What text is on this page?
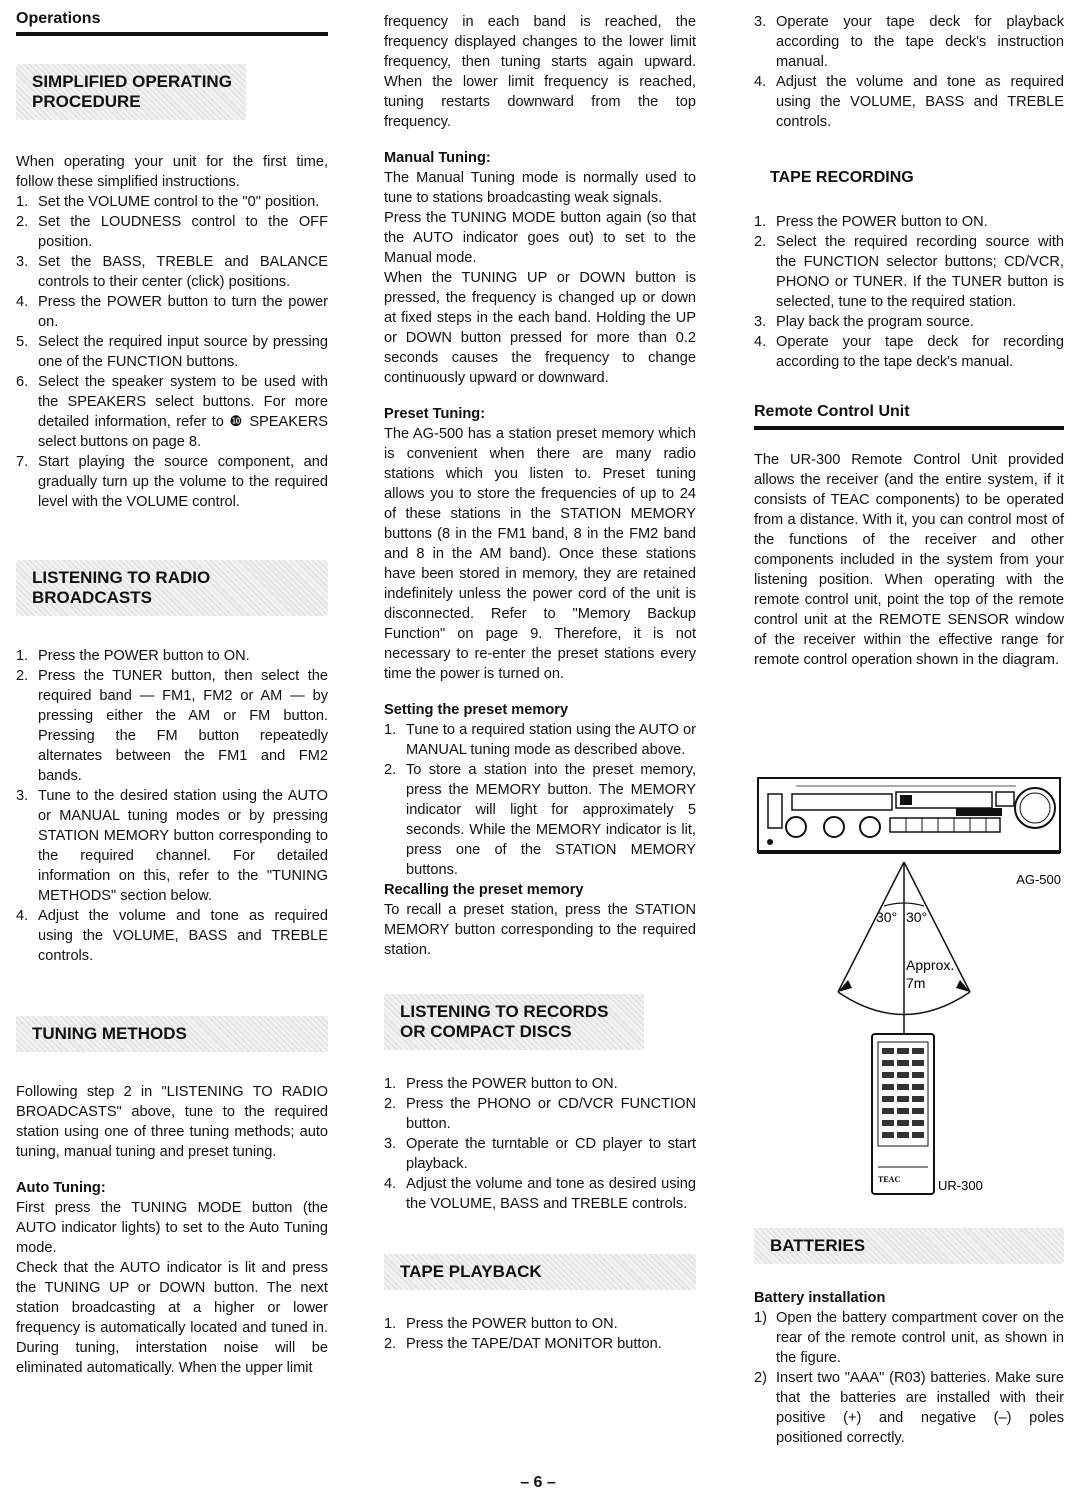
Operations
SIMPLIFIED OPERATING PROCEDURE

When operating your unit for the first time, follow these simplified instructions.

1. Set the VOLUME control to the "0" position.
2. Set the LOUDNESS control to the OFF position.
3. Set the BASS, TREBLE and BALANCE controls to their center (click) positions.
4. Press the POWER button to turn the power on.
5. Select the required input source by pressing one of the FUNCTION buttons.
6. Select the speaker system to be used with the SPEAKERS select buttons. For more detailed information, refer to ❿ SPEAKERS select buttons on page 8.
7. Start playing the source component, and gradually turn up the volume to the required level with the VOLUME control.
LISTENING TO RADIO BROADCASTS
1. Press the POWER button to ON.
2. Press the TUNER button, then select the required band — FM1, FM2 or AM — by pressing either the AM or FM button. Pressing the FM button repeatedly alternates between the FM1 and FM2 bands.
3. Tune to the desired station using the AUTO or MANUAL tuning modes or by pressing STATION MEMORY button corresponding to the required channel. For detailed information on this, refer to the "TUNING METHODS" section below.
4. Adjust the volume and tone as required using the VOLUME, BASS and TREBLE controls.
TUNING METHODS

Following step 2 in "LISTENING TO RADIO BROADCASTS" above, tune to the required station using one of three tuning methods; auto tuning, manual tuning and preset tuning.

Auto Tuning:

First press the TUNING MODE button (the AUTO indicator lights) to set to the Auto Tuning mode.

Check that the AUTO indicator is lit and press the TUNING UP or DOWN button. The next station broadcasting at a higher or lower frequency is automatically located and tuned in. During tuning, interstation noise will be eliminated automatically. When the upper limit

frequency in each band is reached, the frequency displayed changes to the lower limit frequency, then tuning starts again upward. When the lower limit frequency is reached, tuning restarts downward from the top frequency.

Manual Tuning:

The Manual Tuning mode is normally used to tune to stations broadcasting weak signals.

Press the TUNING MODE button again (so that the AUTO indicator goes out) to set to the Manual mode.

When the TUNING UP or DOWN button is pressed, the frequency is changed up or down at fixed steps in the each band. Holding the UP or DOWN button pressed for more than 0.2 seconds causes the frequency to change continuously upward or downward.

Preset Tuning:

The AG-500 has a station preset memory which is convenient when there are many radio stations which you listen to. Preset tuning allows you to store the frequencies of up to 24 of these stations in the STATION MEMORY buttons (8 in the FM1 band, 8 in the FM2 band and 8 in the AM band). Once these stations have been stored in memory, they are retained indefinitely unless the power cord of the unit is disconnected. Refer to "Memory Backup Function" on page 9. Therefore, it is not necessary to re-enter the preset stations every time the power is turned on.

Setting the preset memory
1. Tune to a required station using the AUTO or MANUAL tuning mode as described above.
2. To store a station into the preset memory, press the MEMORY button. The MEMORY indicator will light for approximately 5 seconds. While the MEMORY indicator is lit, press one of the STATION MEMORY buttons.
Recalling the preset memory

To recall a preset station, press the STATION MEMORY button corresponding to the required station.

LISTENING TO RECORDS OR COMPACT DISCS
1. Press the POWER button to ON.
2. Press the PHONO or CD/VCR FUNCTION button.
3. Operate the turntable or CD player to start playback.
4. Adjust the volume and tone as desired using the VOLUME, BASS and TREBLE controls.
TAPE PLAYBACK
1. Press the POWER button to ON.
2. Press the TAPE/DAT MONITOR button.
3. Operate your tape deck for playback according to the tape deck's instruction manual.
4. Adjust the volume and tone as required using the VOLUME, BASS and TREBLE controls.
TAPE RECORDING
1. Press the POWER button to ON.
2. Select the required recording source with the FUNCTION selector buttons; CD/VCR, PHONO or TUNER. If the TUNER button is selected, tune to the required station.
3. Play back the program source.
4. Operate your tape deck for recording according to the tape deck's manual.
Remote Control Unit

The UR-300 Remote Control Unit provided allows the receiver (and the entire system, if it consists of TEAC components) to be operated from a distance. With it, you can control most of the functions of the receiver and other components included in the system from your listening position. When operating with the remote control unit, point the top of the remote control unit at the REMOTE SENSOR window of the receiver within the effective range for remote control operation shown in the diagram.

AG-500
30° 30°
Approx.
7m
TEAC	UR-300
BATTERIES
Battery installation
1) Open the battery compartment cover on the rear of the remote control unit, as shown in the figure.
2) Insert two "AAA" (R03) batteries. Make sure that the batteries are installed with their positive (+) and negative (–) poles positioned correctly.
– 6 –
